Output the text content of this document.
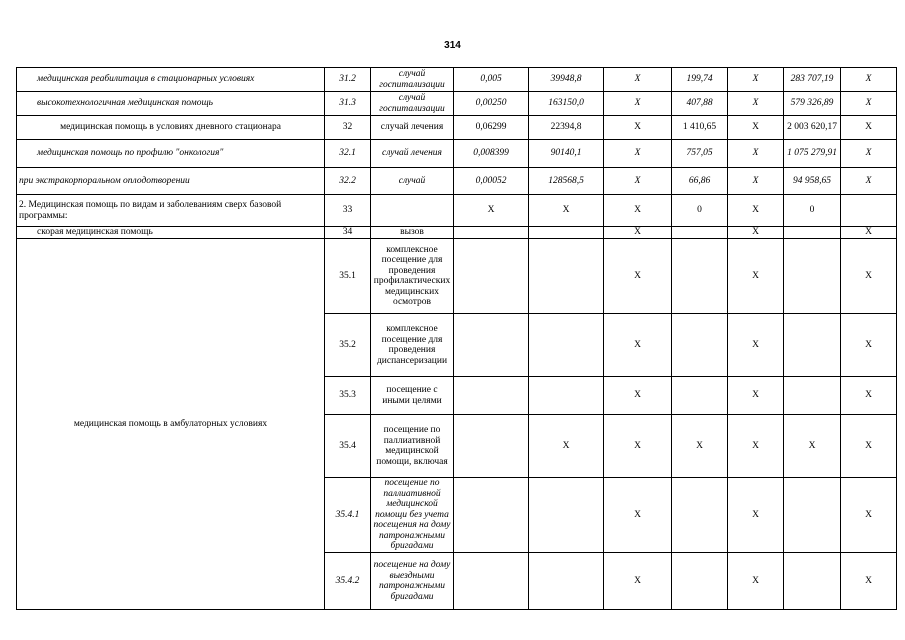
314
медицинская реабилитация в стационарных условиях	31.2	случай госпитализации	0,005	39948,8	X	199,74	X	283 707,19	X
высокотехнологичная медицинская помощь	31.3	случай госпитализации	0,00250	163150,0	X	407,88	X	579 326,89	X
медицинская помощь в условиях дневного стационара	32	случай лечения	0,06299	22394,8	X	1 410,65	X	2 003 620,17	X
медицинская помощь по профилю "онкология"	32.1	случай лечения	0,008399	90140,1	X	757,05	X	1 075 279,91	X
при экстракорпоральном оплодотворении	32.2	случай	0,00052	128568,5	X	66,86	X	94 958,65	X
2. Медицинская помощь по видам и заболеваниям сверх базовой программы:	33		X	X	X	0	X	0	
скорая медицинская помощь	34	вызов			X		X		X
медицинская помощь в амбулаторных условиях	35.1	комплексное посещение для проведения профилактических медицинских осмотров			X		X		X
	35.2	комплексное посещение для проведения диспансеризации			X		X		X
	35.3	посещение с иными целями			X		X		X
	35.4	посещение по паллиативной медицинской помощи, включая		X	X	X	X	X	X
	35.4.1	посещение по паллиативной медицинской помощи без учета посещения на дому патронажными бригадами			X		X		X
	35.4.2	посещение на дому выездными патронажными бригадами			X		X		X
